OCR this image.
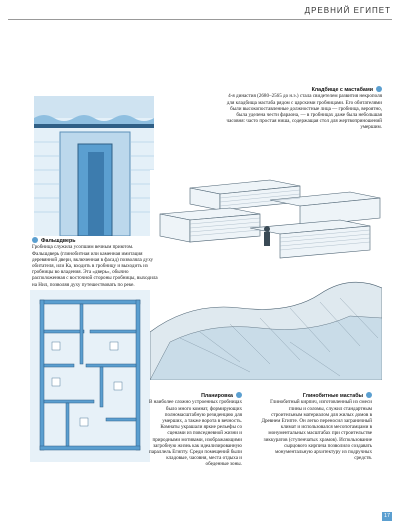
ДРЕВНИЙ ЕГИПЕТ
Фальшдверь
Гробница служила усопшим вечным приютом. Фальшдверь (глинобитная или каменная имитация деревянной двери, включенная в фасад) позволяла духу обитателя, или Ка, входить в гробницу и выходить из гробницы во владения. Эта «дверь», обычно расположенная с восточной стороны гробницы, выходила на Нил, позволяя духу путешествовать по реке.
Кладбище с мастабами
4-я династия (2680–2565 до н.э.) стала свидетелем развития некрополя для кладбища мастаба рядом с царскими гробницами. Его обитателями были высокопоставленные должностные лица — гробница, вероятно, была уделена чести фараона, — в гробницах даже была небольшая часовня: часто простая ниша, содержащая стол для жертвоприношений умершим.
Планировка
В наиболее сложно устроенных гробницах было много комнат, формирующих полномасштабную резиденцию для умерших, а также ворота в вечность. Комнаты украшали яркие рельефы со сценами из повседневной жизни и природными мотивами, изображающими загробную жизнь как идеализированную параллель Египту. Среди помещений были кладовые, часовня, места отдыха и обеденные зоны.
Глинобитные мастабы
Глинобитный кирпич, изготовленный из смеси глины и соломы, служил стандартным строительным материалом для жилых домов в Древнем Египте. Он легко переносил заграничный климат и использовался месопотамцами в монументальных масштабах при строительстве зиккуратов (ступенчатых храмов). Использование сырцового кирпича позволило создавать монументальную архитектуру из подручных средств.
17
